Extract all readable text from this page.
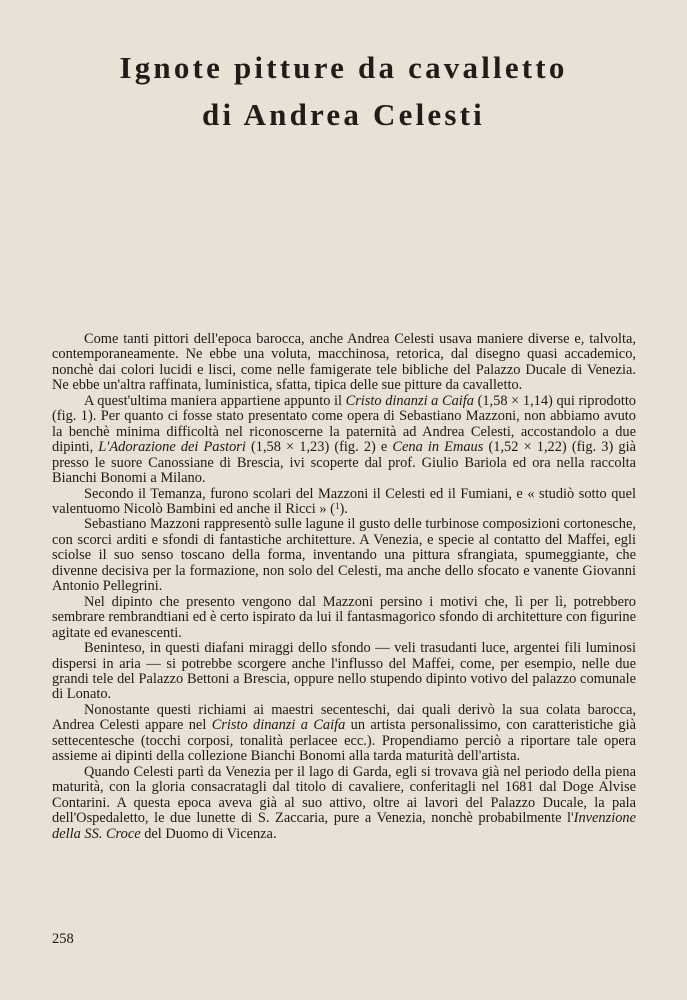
Ignote pitture da cavalletto
di Andrea Celesti

Come tanti pittori dell'epoca barocca, anche Andrea Celesti usava maniere diverse e, talvolta, contemporaneamente. Ne ebbe una voluta, macchinosa, retorica, dal disegno quasi accademico, nonchè dai colori lucidi e lisci, come nelle famigerate tele bibliche del Palazzo Ducale di Venezia. Ne ebbe un'altra raffinata, luministica, sfatta, tipica delle sue pitture da cavalletto.

A quest'ultima maniera appartiene appunto il Cristo dinanzi a Caifa (1,58 × 1,14) qui riprodotto (fig. 1). Per quanto ci fosse stato presentato come opera di Sebastiano Mazzoni, non abbiamo avuto la benchè minima difficoltà nel riconoscerne la paternità ad Andrea Celesti, accostandolo a due dipinti, L'Adorazione dei Pastori (1,58 × 1,23) (fig. 2) e Cena in Emaus (1,52 × 1,22) (fig. 3) già presso le suore Canossiane di Brescia, ivi scoperte dal prof. Giulio Bariola ed ora nella raccolta Bianchi Bonomi a Milano.

Secondo il Temanza, furono scolari del Mazzoni il Celesti ed il Fumiani, e « studiò sotto quel valentuomo Nicolò Bambini ed anche il Ricci » ($^1$).

Sebastiano Mazzoni rappresentò sulle lagune il gusto delle turbinose composizioni cortonesche, con scorci arditi e sfondi di fantastiche architetture. A Venezia, e specie al contatto del Maffei, egli sciolse il suo senso toscano della forma, inventando una pittura sfrangiata, spumeggiante, che divenne decisiva per la formazione, non solo del Celesti, ma anche dello sfocato e vanente Giovanni Antonio Pellegrini.

Nel dipinto che presento vengono dal Mazzoni persino i motivi che, lì per lì, potrebbero sembrare rembrandtiani ed è certo ispirato da lui il fantasmagorico sfondo di architetture con figurine agitate ed evanescenti.

Beninteso, in questi diafani miraggi dello sfondo — veli trasudanti luce, argentei fili luminosi dispersi in aria — si potrebbe scorgere anche l'influsso del Maffei, come, per esempio, nelle due grandi tele del Palazzo Bettoni a Brescia, oppure nello stupendo dipinto votivo del palazzo comunale di Lonato.

Nonostante questi richiami ai maestri secenteschi, dai quali derivò la sua colata barocca, Andrea Celesti appare nel Cristo dinanzi a Caifa un artista personalissimo, con caratteristiche già settecentesche (tocchi corposi, tonalità perlacee ecc.). Propendiamo perciò a riportare tale opera assieme ai dipinti della collezione Bianchi Bonomi alla tarda maturità dell'artista.

Quando Celesti partì da Venezia per il lago di Garda, egli si trovava già nel periodo della piena maturità, con la gloria consacratagli dal titolo di cavaliere, conferitagli nel 1681 dal Doge Alvise Contarini. A questa epoca aveva già al suo attivo, oltre ai lavori del Palazzo Ducale, la pala dell'Ospedaletto, le due lunette di S. Zaccaria, pure a Venezia, nonchè probabilmente l'Invenzione della SS. Croce del Duomo di Vicenza.

258
